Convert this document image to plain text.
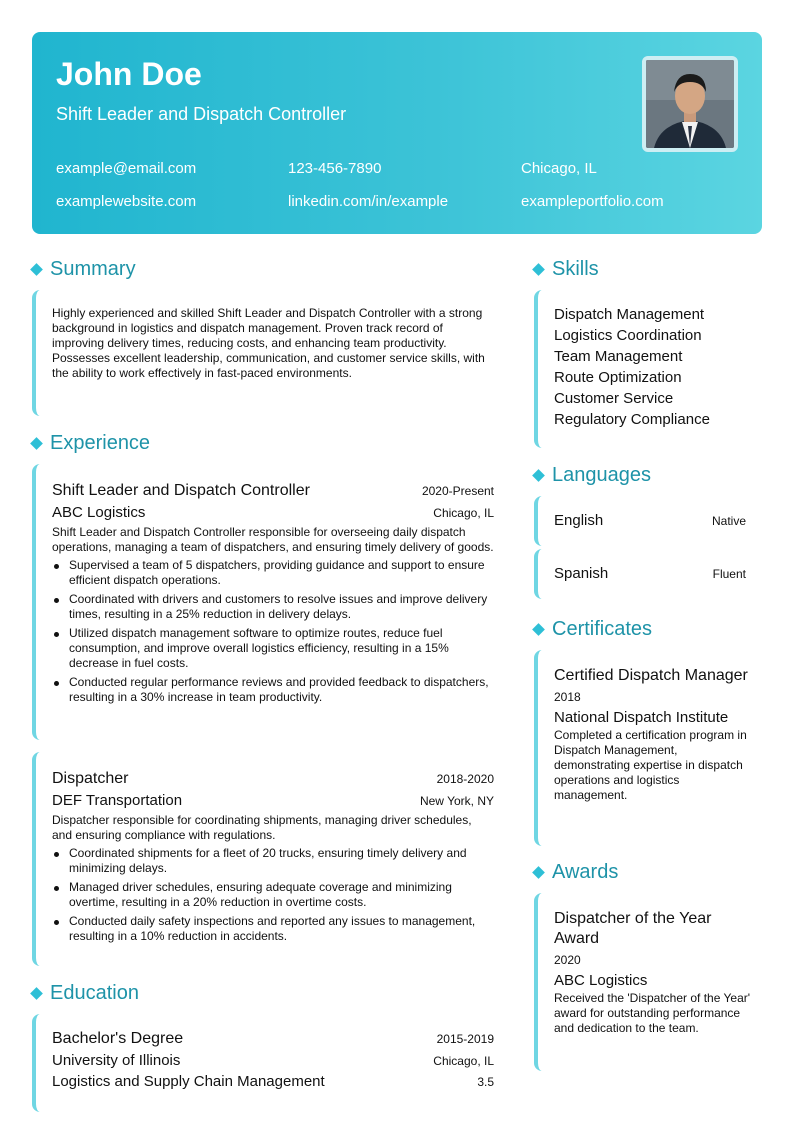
John Doe
Shift Leader and Dispatch Controller
example@email.com	123-456-7890	Chicago, IL
examplewebsite.com	linkedin.com/in/example	exampleportfolio.com
Summary
Highly experienced and skilled Shift Leader and Dispatch Controller with a strong background in logistics and dispatch management. Proven track record of improving delivery times, reducing costs, and enhancing team productivity. Possesses excellent leadership, communication, and customer service skills, with the ability to work effectively in fast-paced environments.
Experience
Shift Leader and Dispatch Controller	2020-Present
ABC Logistics	Chicago, IL
Shift Leader and Dispatch Controller responsible for overseeing daily dispatch operations, managing a team of dispatchers, and ensuring timely delivery of goods.
Supervised a team of 5 dispatchers, providing guidance and support to ensure efficient dispatch operations.
Coordinated with drivers and customers to resolve issues and improve delivery times, resulting in a 25% reduction in delivery delays.
Utilized dispatch management software to optimize routes, reduce fuel consumption, and improve overall logistics efficiency, resulting in a 15% decrease in fuel costs.
Conducted regular performance reviews and provided feedback to dispatchers, resulting in a 30% increase in team productivity.
Dispatcher	2018-2020
DEF Transportation	New York, NY
Dispatcher responsible for coordinating shipments, managing driver schedules, and ensuring compliance with regulations.
Coordinated shipments for a fleet of 20 trucks, ensuring timely delivery and minimizing delays.
Managed driver schedules, ensuring adequate coverage and minimizing overtime, resulting in a 20% reduction in overtime costs.
Conducted daily safety inspections and reported any issues to management, resulting in a 10% reduction in accidents.
Education
Bachelor's Degree	2015-2019
University of Illinois	Chicago, IL
Logistics and Supply Chain Management	3.5
Skills
Dispatch Management
Logistics Coordination
Team Management
Route Optimization
Customer Service
Regulatory Compliance
Languages
English	Native
Spanish	Fluent
Certificates
Certified Dispatch Manager
2018
National Dispatch Institute
Completed a certification program in Dispatch Management, demonstrating expertise in dispatch operations and logistics management.
Awards
Dispatcher of the Year Award
2020
ABC Logistics
Received the 'Dispatcher of the Year' award for outstanding performance and dedication to the team.
